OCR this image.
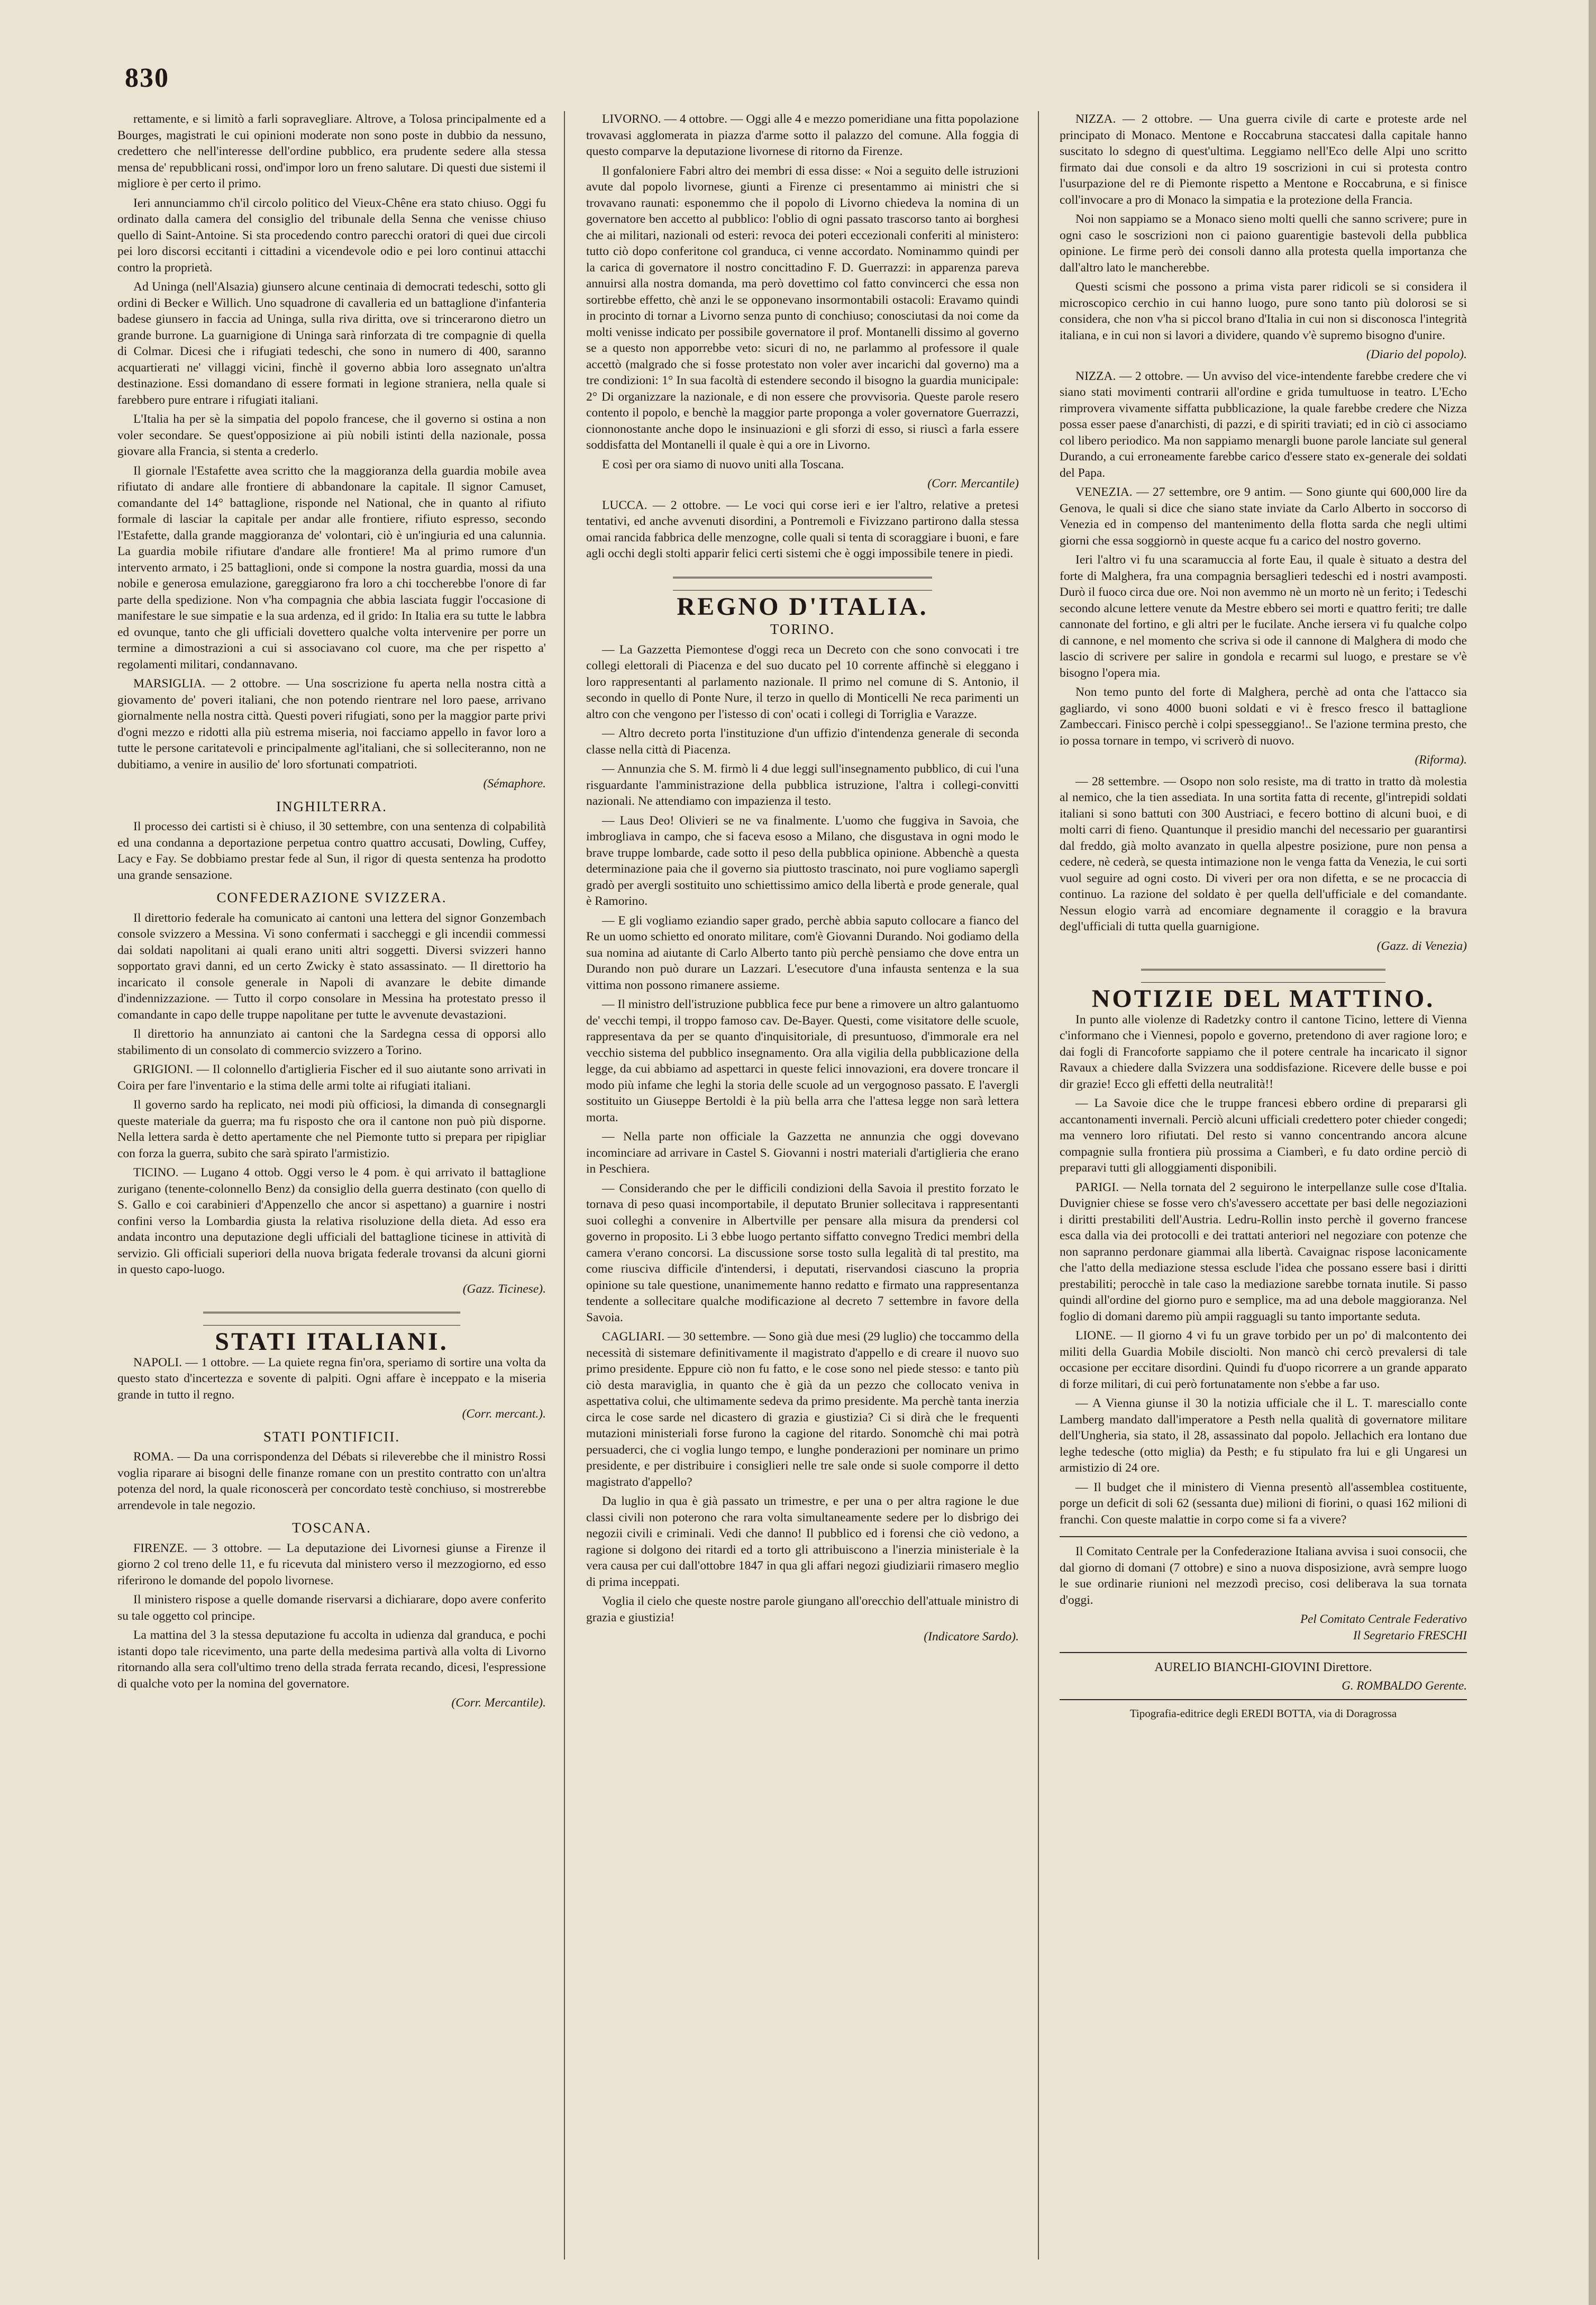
830

rettamente, e si limitò a farli sopravegliare. Altrove, a Tolosa principalmente ed a Bourges, magistrati le cui opinioni moderate non sono poste in dubbio da nessuno, credettero che nell'interesse dell'ordine pubblico, era prudente sedere alla stessa mensa de' repubblicani rossi, ond'impor loro un freno salutare. Di questi due sistemi il migliore è per certo il primo.

Ieri annunciammo ch'il circolo politico del Vieux-Chêne era stato chiuso. Oggi fu ordinato dalla camera del consiglio del tribunale della Senna che venisse chiuso quello di Saint-Antoine. Si sta procedendo contro parecchi oratori di quei due circoli pei loro discorsi eccitanti i cittadini a vicendevole odio e pei loro continui attacchi contro la proprietà.

Ad Uninga (nell'Alsazia) giunsero alcune centinaia di democrati tedeschi, sotto gli ordini di Becker e Willich. Uno squadrone di cavalleria ed un battaglione d'infanteria badese giunsero in faccia ad Uninga, sulla riva diritta, ove si trincerarono dietro un grande burrone. La guarnigione di Uninga sarà rinforzata di tre compagnie di quella di Colmar. Dicesi che i rifugiati tedeschi, che sono in numero di 400, saranno acquartierati ne' villaggi vicini, finchè il governo abbia loro assegnato un'altra destinazione. Essi domandano di essere formati in legione straniera, nella quale si farebbero pure entrare i rifugiati italiani.

L'Italia ha per sè la simpatia del popolo francese, che il governo si ostina a non voler secondare. Se quest'opposizione ai più nobili istinti della nazionale, possa giovare alla Francia, si stenta a crederlo.

Il giornale l'Estafette avea scritto che la maggioranza della guardia mobile avea rifiutato di andare alle frontiere di abbandonare la capitale. Il signor Camuset, comandante del 14° battaglione, risponde nel National, che in quanto al rifiuto formale di lasciar la capitale per andar alle frontiere, rifiuto espresso, secondo l'Estafette, dalla grande maggioranza de' volontari, ciò è un'ingiuria ed una calunnia. La guardia mobile rifiutare d'andare alle frontiere! Ma al primo rumore d'un intervento armato, i 25 battaglioni, onde si compone la nostra guardia, mossi da una nobile e generosa emulazione, gareggiarono fra loro a chi toccherebbe l'onore di far parte della spedizione. Non v'ha compagnia che abbia lasciata fuggir l'occasione di manifestare le sue simpatie e la sua ardenza, ed il grido: In Italia era su tutte le labbra ed ovunque, tanto che gli ufficiali dovettero qualche volta intervenire per porre un termine a dimostrazioni a cui si associavano col cuore, ma che per rispetto a' regolamenti militari, condannavano.

MARSIGLIA. — 2 ottobre. — Una soscrizione fu aperta nella nostra città a giovamento de' poveri italiani, che non potendo rientrare nel loro paese, arrivano giornalmente nella nostra città. Questi poveri rifugiati, sono per la maggior parte privi d'ogni mezzo e ridotti alla più estrema miseria, noi facciamo appello in favor loro a tutte le persone caritatevoli e principalmente agl'italiani, che si solleciteranno, non ne dubitiamo, a venire in ausilio de' loro sfortunati compatrioti.

(Sémaphore.
INGHILTERRA.

Il processo dei cartisti si è chiuso, il 30 settembre, con una sentenza di colpabilità ed una condanna a deportazione perpetua contro quattro accusati, Dowling, Cuffey, Lacy e Fay. Se dobbiamo prestar fede al Sun, il rigor di questa sentenza ha prodotto una grande sensazione.

CONFEDERAZIONE SVIZZERA.

Il direttorio federale ha comunicato ai cantoni una lettera del signor Gonzembach console svizzero a Messina. Vi sono confermati i saccheggi e gli incendii commessi dai soldati napolitani ai quali erano uniti altri soggetti. Diversi svizzeri hanno sopportato gravi danni, ed un certo Zwicky è stato assassinato. — Il direttorio ha incaricato il console generale in Napoli di avanzare le debite dimande d'indennizzazione. — Tutto il corpo consolare in Messina ha protestato presso il comandante in capo delle truppe napolitane per tutte le avvenute devastazioni.

Il direttorio ha annunziato ai cantoni che la Sardegna cessa di opporsi allo stabilimento di un consolato di commercio svizzero a Torino.

GRIGIONI. — Il colonnello d'artiglieria Fischer ed il suo aiutante sono arrivati in Coira per fare l'inventario e la stima delle armi tolte ai rifugiati italiani.

Il governo sardo ha replicato, nei modi più officiosi, la dimanda di consegnargli queste materiale da guerra; ma fu risposto che ora il cantone non può più disporne. Nella lettera sarda è detto apertamente che nel Piemonte tutto si prepara per ripigliar con forza la guerra, subito che sarà spirato l'armistizio.

TICINO. — Lugano 4 ottob. Oggi verso le 4 pom. è qui arrivato il battaglione zurigano (tenente-colonnello Benz) da consiglio della guerra destinato (con quello di S. Gallo e coi carabinieri d'Appenzello che ancor si aspettano) a guarnire i nostri confini verso la Lombardia giusta la relativa risoluzione della dieta. Ad esso era andata incontro una deputazione degli ufficiali del battaglione ticinese in attività di servizio. Gli officiali superiori della nuova brigata federale trovansi da alcuni giorni in questo capo-luogo.

(Gazz. Ticinese).
STATI ITALIANI.

NAPOLI. — 1 ottobre. — La quiete regna fin'ora, speriamo di sortire una volta da questo stato d'incertezza e sovente di palpiti. Ogni affare è inceppato e la miseria grande in tutto il regno.

(Corr. mercant.).
STATI PONTIFICII.

ROMA. — Da una corrispondenza del Débats si rileverebbe che il ministro Rossi voglia riparare ai bisogni delle finanze romane con un prestito contratto con un'altra potenza del nord, la quale riconoscerà per concordato testè conchiuso, si mostrerebbe arrendevole in tale negozio.

TOSCANA.

FIRENZE. — 3 ottobre. — La deputazione dei Livornesi giunse a Firenze il giorno 2 col treno delle 11, e fu ricevuta dal ministero verso il mezzogiorno, ed esso riferirono le domande del popolo livornese.

Il ministero rispose a quelle domande riservarsi a dichiarare, dopo avere conferito su tale oggetto col principe.

La mattina del 3 la stessa deputazione fu accolta in udienza dal granduca, e pochi istanti dopo tale ricevimento, una parte della medesima partivà alla volta di Livorno ritornando alla sera coll'ultimo treno della strada ferrata recando, dicesi, l'espressione di qualche voto per la nomina del governatore.

(Corr. Mercantile).

LIVORNO. — 4 ottobre. — Oggi alle 4 e mezzo pomeridiane una fitta popolazione trovavasi agglomerata in piazza d'arme sotto il palazzo del comune. Alla foggia di questo comparve la deputazione livornese di ritorno da Firenze.

Il gonfaloniere Fabri altro dei membri di essa disse: « Noi a seguito delle istruzioni avute dal popolo livornese, giunti a Firenze ci presentammo ai ministri che si trovavano raunati: esponemmo che il popolo di Livorno chiedeva la nomina di un governatore ben accetto al pubblico: l'oblio di ogni passato trascorso tanto ai borghesi che ai militari, nazionali od esteri: revoca dei poteri eccezionali conferiti al ministero: tutto ciò dopo conferitone col granduca, ci venne accordato. Nominammo quindi per la carica di governatore il nostro concittadino F. D. Guerrazzi: in apparenza pareva annuirsi alla nostra domanda, ma però dovettimo col fatto convincerci che essa non sortirebbe effetto, chè anzi le se opponevano insormontabili ostacoli: Eravamo quindi in procinto di tornar a Livorno senza punto di conchiuso; conosciutasi da noi come da molti venisse indicato per possibile governatore il prof. Montanelli dissimo al governo se a questo non apporrebbe veto: sicuri di no, ne parlammo al professore il quale accettò (malgrado che si fosse protestato non voler aver incarichi dal governo) ma a tre condizioni: 1° In sua facoltà di estendere secondo il bisogno la guardia municipale: 2° Di organizzare la nazionale, e di non essere che provvisoria. Queste parole resero contento il popolo, e benchè la maggior parte proponga a voler governatore Guerrazzi, cionnonostante anche dopo le insinuazioni e gli sforzi di esso, si riuscì a farla essere soddisfatta del Montanelli il quale è qui a ore in Livorno.

E così per ora siamo di nuovo uniti alla Toscana.

(Corr. Mercantile)

LUCCA. — 2 ottobre. — Le voci qui corse ieri e ier l'altro, relative a pretesi tentativi, ed anche avvenuti disordini, a Pontremoli e Fivizzano partirono dalla stessa omai rancida fabbrica delle menzogne, colle quali si tenta di scoraggiare i buoni, e fare agli occhi degli stolti apparir felici certi sistemi che è oggi impossibile tenere in piedi.

REGNO D'ITALIA.
TORINO.

— La Gazzetta Piemontese d'oggi reca un Decreto con che sono convocati i tre collegi elettorali di Piacenza e del suo ducato pel 10 corrente affinchè si eleggano i loro rappresentanti al parlamento nazionale. Il primo nel comune di S. Antonio, il secondo in quello di Ponte Nure, il terzo in quello di Monticelli Ne reca parimenti un altro con che vengono per l'istesso di con' ocati i collegi di Torriglia e Varazze.

— Altro decreto porta l'instituzione d'un uffizio d'intendenza generale di seconda classe nella città di Piacenza.

— Annunzia che S. M. firmò li 4 due leggi sull'insegnamento pubblico, di cui l'una risguardante l'amministrazione della pubblica istruzione, l'altra i collegi-convitti nazionali. Ne attendiamo con impazienza il testo.

— Laus Deo! Olivieri se ne va finalmente. L'uomo che fuggiva in Savoia, che imbrogliava in campo, che si faceva esoso a Milano, che disgustava in ogni modo le brave truppe lombarde, cade sotto il peso della pubblica opinione. Abbenchè a questa determinazione paia che il governo sia piuttosto trascinato, noi pure vogliamo saperglì gradò per avergli sostituito uno schiettissimo amico della libertà e prode generale, qual è Ramorino.

— E gli vogliamo eziandio saper grado, perchè abbia saputo collocare a fianco del Re un uomo schietto ed onorato militare, com'è Giovanni Durando. Noi godiamo della sua nomina ad aiutante di Carlo Alberto tanto più perchè pensiamo che dove entra un Durando non può durare un Lazzari. L'esecutore d'una infausta sentenza e la sua vittima non possono rimanere assieme.

— Il ministro dell'istruzione pubblica fece pur bene a rimovere un altro galantuomo de' vecchi tempi, il troppo famoso cav. De-Bayer. Questi, come visitatore delle scuole, rappresentava da per se quanto d'inquisitoriale, di presuntuoso, d'immorale era nel vecchio sistema del pubblico insegnamento. Ora alla vigilia della pubblicazione della legge, da cui abbiamo ad aspettarci in queste felici innovazioni, era dovere troncare il modo più infame che leghi la storia delle scuole ad un vergognoso passato. E l'avergli sostituito un Giuseppe Bertoldi è la più bella arra che l'attesa legge non sarà lettera morta.

— Nella parte non officiale la Gazzetta ne annunzia che oggi dovevano incominciare ad arrivare in Castel S. Giovanni i nostri materiali d'artiglieria che erano in Peschiera.

— Considerando che per le difficili condizioni della Savoia il prestito forzato le tornava di peso quasi incomportabile, il deputato Brunier sollecitava i rappresentanti suoi colleghi a convenire in Albertville per pensare alla misura da prendersi col governo in proposito. Li 3 ebbe luogo pertanto siffatto convegno Tredici membri della camera v'erano concorsi. La discussione sorse tosto sulla legalità di tal prestito, ma come riusciva difficile d'intendersi, i deputati, riservandosi ciascuno la propria opinione su tale questione, unanimemente hanno redatto e firmato una rappresentanza tendente a sollecitare qualche modificazione al decreto 7 settembre in favore della Savoia.

CAGLIARI. — 30 settembre. — Sono già due mesi (29 luglio) che toccammo della necessità di sistemare definitivamente il magistrato d'appello e di creare il nuovo suo primo presidente. Eppure ciò non fu fatto, e le cose sono nel piede stesso: e tanto più ciò desta maraviglia, in quanto che è già da un pezzo che collocato veniva in aspettativa colui, che ultimamente sedeva da primo presidente. Ma perchè tanta inerzia circa le cose sarde nel dicastero di grazia e giustizia? Ci si dirà che le frequenti mutazioni ministeriali forse furono la cagione del ritardo. Sonomchè chi mai potrà persuaderci, che ci voglia lungo tempo, e lunghe ponderazioni per nominare un primo presidente, e per distribuire i consiglieri nelle tre sale onde si suole comporre il detto magistrato d'appello?

Da luglio in qua è già passato un trimestre, e per una o per altra ragione le due classi civili non poterono che rara volta simultaneamente sedere per lo disbrigo dei negozii civili e criminali. Vedi che danno! Il pubblico ed i forensi che ciò vedono, a ragione si dolgono dei ritardi ed a torto gli attribuiscono a l'inerzia ministeriale è la vera causa per cui dall'ottobre 1847 in qua gli affari negozi giudiziarii rimasero meglio di prima inceppati.

Voglia il cielo che queste nostre parole giungano all'orecchio dell'attuale ministro di grazia e giustizia!

(Indicatore Sardo).

NIZZA. — 2 ottobre. — Una guerra civile di carte e proteste arde nel principato di Monaco. Mentone e Roccabruna staccatesi dalla capitale hanno suscitato lo sdegno di quest'ultima. Leggiamo nell'Eco delle Alpi uno scritto firmato dai due consoli e da altro 19 soscrizioni in cui si protesta contro l'usurpazione del re di Piemonte rispetto a Mentone e Roccabruna, e si finisce coll'invocare a pro di Monaco la simpatia e la protezione della Francia.

Noi non sappiamo se a Monaco sieno molti quelli che sanno scrivere; pure in ogni caso le soscrizioni non ci paiono guarentigie bastevoli della pubblica opinione. Le firme però dei consoli danno alla protesta quella importanza che dall'altro lato le mancherebbe.

Questi scismi che possono a prima vista parer ridicoli se si considera il microscopico cerchio in cui hanno luogo, pure sono tanto più dolorosi se si considera, che non v'ha si piccol brano d'Italia in cui non si disconosca l'integrità italiana, e in cui non si lavori a dividere, quando v'è supremo bisogno d'unire.

(Diario del popolo).

NIZZA. — 2 ottobre. — Un avviso del vice-intendente farebbe credere che vi siano stati movimenti contrarii all'ordine e grida tumultuose in teatro. L'Echo rimprovera vivamente siffatta pubblicazione, la quale farebbe credere che Nizza possa esser paese d'anarchisti, di pazzi, e di spiriti traviati; ed in ciò ci associamo col libero periodico. Ma non sappiamo menargli buone parole lanciate sul general Durando, a cui erroneamente farebbe carico d'essere stato ex-generale dei soldati del Papa.

VENEZIA. — 27 settembre, ore 9 antim. — Sono giunte qui 600,000 lire da Genova, le quali si dice che siano state inviate da Carlo Alberto in soccorso di Venezia ed in compenso del mantenimento della flotta sarda che negli ultimi giorni che essa soggiornò in queste acque fu a carico del nostro governo.

Ieri l'altro vi fu una scaramuccia al forte Eau, il quale è situato a destra del forte di Malghera, fra una compagnia bersaglieri tedeschi ed i nostri avamposti. Durò il fuoco circa due ore. Noi non avemmo nè un morto nè un ferito; i Tedeschi secondo alcune lettere venute da Mestre ebbero sei morti e quattro feriti; tre dalle cannonate del fortino, e gli altri per le fucilate. Anche iersera vi fu qualche colpo di cannone, e nel momento che scriva si ode il cannone di Malghera di modo che lascio di scrivere per salire in gondola e recarmi sul luogo, e prestare se v'è bisogno l'opera mia.

Non temo punto del forte di Malghera, perchè ad onta che l'attacco sia gagliardo, vi sono 4000 buoni soldati e vi è fresco fresco il battaglione Zambeccari. Finisco perchè i colpi spesseggiano!.. Se l'azione termina presto, che io possa tornare in tempo, vi scriverò di nuovo.

(Riforma).

— 28 settembre. — Osopo non solo resiste, ma di tratto in tratto dà molestia al nemico, che la tien assediata. In una sortita fatta di recente, gl'intrepidi soldati italiani si sono battuti con 300 Austriaci, e fecero bottino di alcuni buoi, e di molti carri di fieno. Quantunque il presidio manchi del necessario per guarantirsi dal freddo, già molto avanzato in quella alpestre posizione, pure non pensa a cedere, nè cederà, se questa intimazione non le venga fatta da Venezia, le cui sorti vuol seguire ad ogni costo. Di viveri per ora non difetta, e se ne procaccia di continuo. La razione del soldato è per quella dell'ufficiale e del comandante. Nessun elogio varrà ad encomiare degnamente il coraggio e la bravura degl'ufficiali di tutta quella guarnigione.

(Gazz. di Venezia)
NOTIZIE DEL MATTINO.

In punto alle violenze di Radetzky contro il cantone Ticino, lettere di Vienna c'informano che i Viennesi, popolo e governo, pretendono di aver ragione loro; e dai fogli di Francoforte sappiamo che il potere centrale ha incaricato il signor Ravaux a chiedere dalla Svizzera una soddisfazione. Ricevere delle busse e poi dir grazie! Ecco gli effetti della neutralità!!

— La Savoie dice che le truppe francesi ebbero ordine di prepararsi gli accantonamenti invernali. Perciò alcuni ufficiali credettero poter chieder congedi; ma vennero loro rifiutati. Del resto si vanno concentrando ancora alcune compagnie sulla frontiera più prossima a Ciamberì, e fu dato ordine perciò di preparavi tutti gli alloggiamenti disponibili.

PARIGI. — Nella tornata del 2 seguirono le interpellanze sulle cose d'Italia. Duvignier chiese se fosse vero ch's'avessero accettate per basi delle negoziazioni i diritti prestabiliti dell'Austria. Ledru-Rollin insto perchè il governo francese esca dalla via dei protocolli e dei trattati anteriori nel negoziare con potenze che non sapranno perdonare giammai alla libertà. Cavaignac rispose laconicamente che l'atto della mediazione stessa esclude l'idea che possano essere basi i diritti prestabiliti; perocchè in tale caso la mediazione sarebbe tornata inutile. Si passo quindi all'ordine del giorno puro e semplice, ma ad una debole maggioranza. Nel foglio di domani daremo più ampii ragguagli su tanto importante seduta.

LIONE. — Il giorno 4 vi fu un grave torbido per un po' di malcontento dei militi della Guardia Mobile disciolti. Non mancò chi cercò prevalersi di tale occasione per eccitare disordini. Quindi fu d'uopo ricorrere a un grande apparato di forze militari, di cui però fortunatamente non s'ebbe a far uso.

— A Vienna giunse il 30 la notizia ufficiale che il L. T. maresciallo conte Lamberg mandato dall'imperatore a Pesth nella qualità di governatore militare dell'Ungheria, sia stato, il 28, assassinato dal popolo. Jellachich era lontano due leghe tedesche (otto miglia) da Pesth; e fu stipulato fra lui e gli Ungaresi un armistizio di 24 ore.

— Il budget che il ministero di Vienna presentò all'assemblea costituente, porge un deficit di soli 62 (sessanta due) milioni di fiorini, o quasi 162 milioni di franchi. Con queste malattie in corpo come si fa a vivere?

Il Comitato Centrale per la Confederazione Italiana avvisa i suoi consocii, che dal giorno di domani (7 ottobre) e sino a nuova disposizione, avrà sempre luogo le sue ordinarie riunioni nel mezzodì preciso, cosi deliberava la sua tornata d'oggi.

Pel Comitato Centrale Federativo
Il Segretario FRESCHI
AURELIO BIANCHI-GIOVINI Direttore.
G. ROMBALDO Gerente.
Tipografia-editrice degli EREDI BOTTA, via di Doragrossa
